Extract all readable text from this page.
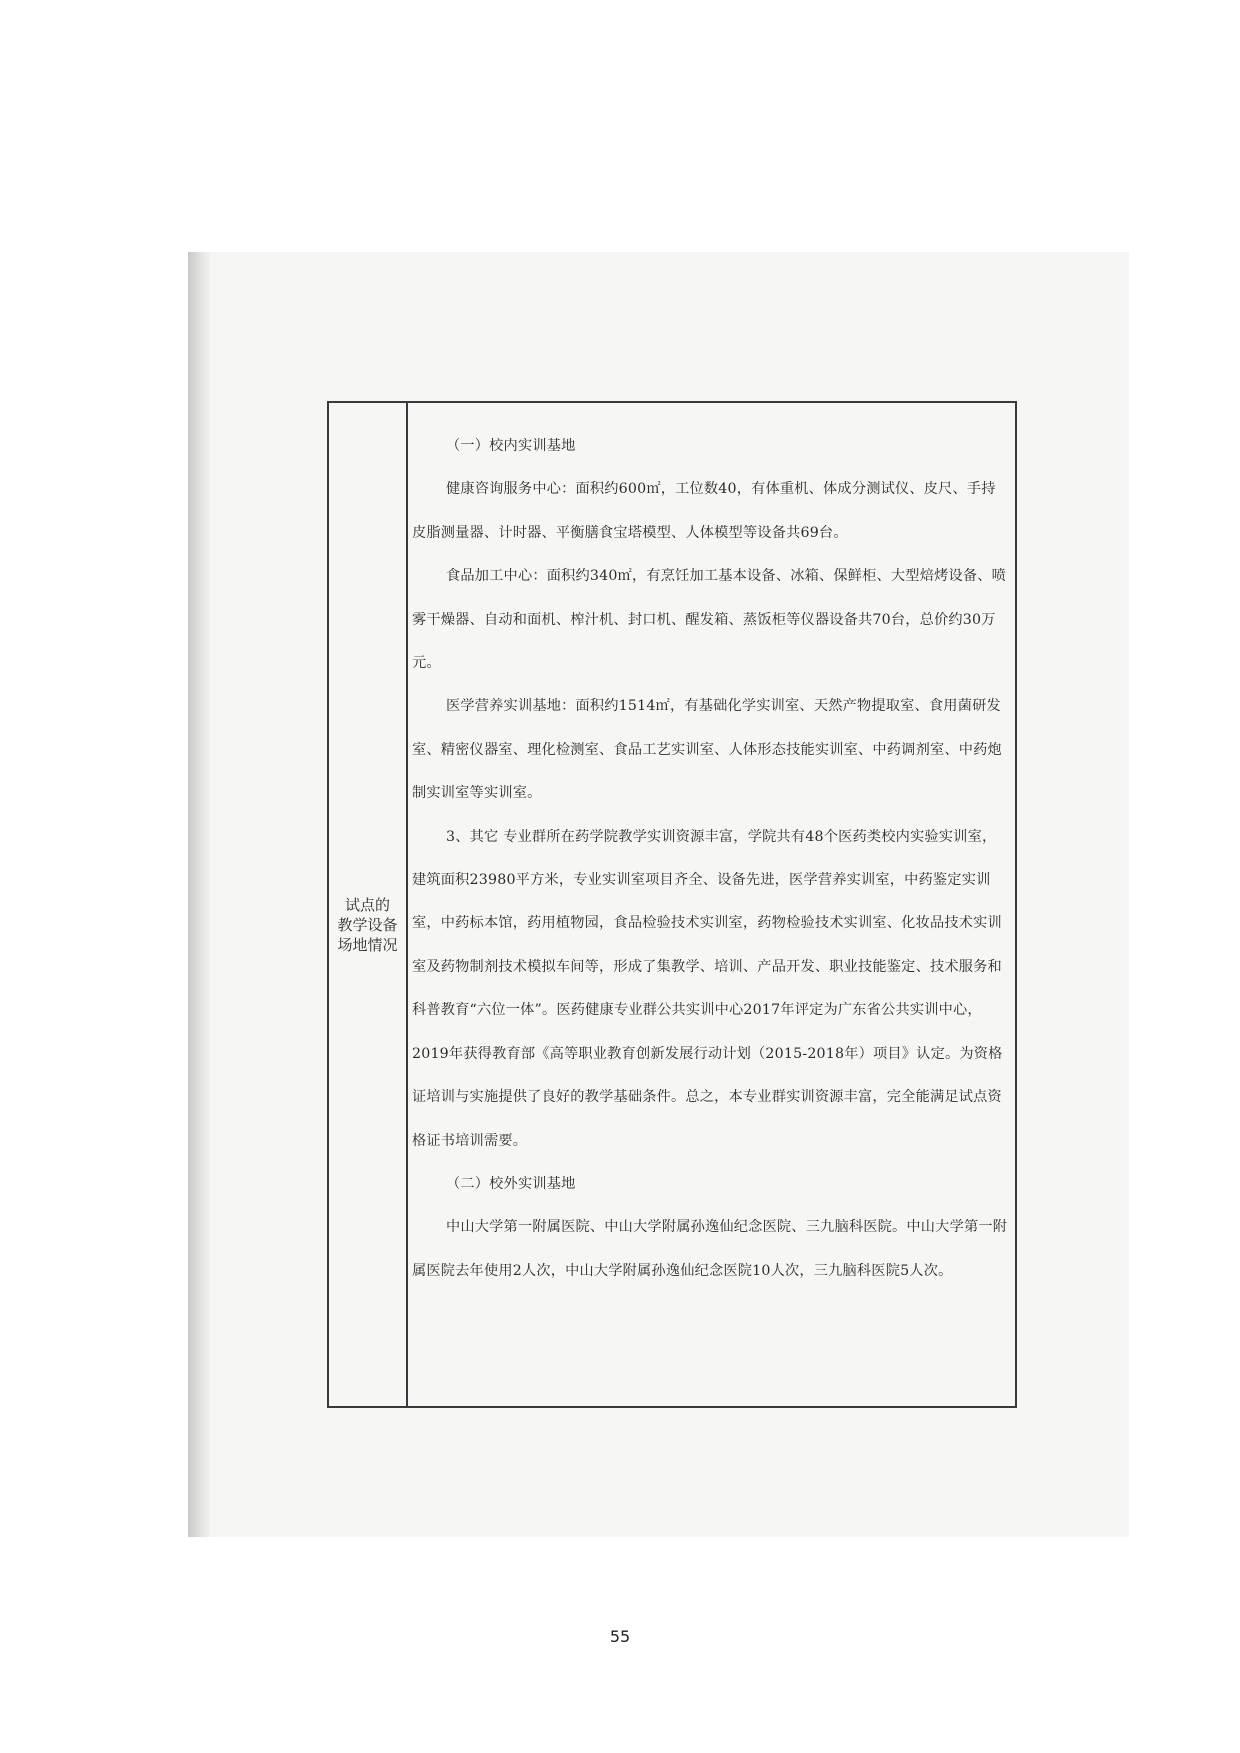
试点的
教学设备
场地情况

（一）校内实训基地

健康咨询服务中心：面积约600㎡，工位数40，有体重机、体成分测试仪、皮尺、手持皮脂测量器、计时器、平衡膳食宝塔模型、人体模型等设备共69台。

食品加工中心：面积约340㎡，有烹饪加工基本设备、冰箱、保鲜柜、大型焙烤设备、喷雾干燥器、自动和面机、榨汁机、封口机、醒发箱、蒸饭柜等仪器设备共70台，总价约30万元。

医学营养实训基地：面积约1514㎡，有基础化学实训室、天然产物提取室、食用菌研发室、精密仪器室、理化检测室、食品工艺实训室、人体形态技能实训室、中药调剂室、中药炮制实训室等实训室。

3、其它 专业群所在药学院教学实训资源丰富，学院共有48个医药类校内实验实训室，建筑面积23980平方米，专业实训室项目齐全、设备先进，医学营养实训室，中药鉴定实训室，中药标本馆，药用植物园，食品检验技术实训室，药物检验技术实训室、化妆品技术实训室及药物制剂技术模拟车间等，形成了集教学、培训、产品开发、职业技能鉴定、技术服务和科普教育“六位一体”。医药健康专业群公共实训中心2017年评定为广东省公共实训中心，2019年获得教育部《高等职业教育创新发展行动计划（2015-2018年）项目》认定。为资格证培训与实施提供了良好的教学基础条件。总之，本专业群实训资源丰富，完全能满足试点资格证书培训需要。

（二）校外实训基地

中山大学第一附属医院、中山大学附属孙逸仙纪念医院、三九脑科医院。中山大学第一附属医院去年使用2人次，中山大学附属孙逸仙纪念医院10人次，三九脑科医院5人次。

55
